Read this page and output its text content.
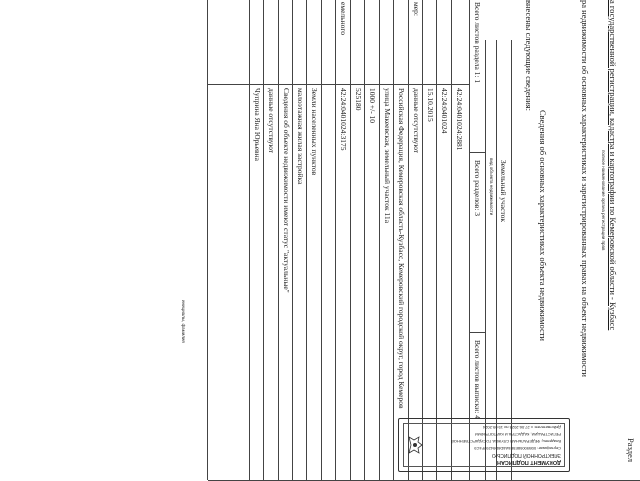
Раздел
а государственной регистрации, кадастра и картографии по Кемеровской области - Кузбасс
полное наименование органа регистрации прав
ра недвижимости об основных характеристиках и зарегистрированных правах на объект недвижимости
Сведения об основных характеристиках объекта недвижимости
внесены следующие сведения:
Земельный участок
вид объекта недвижимости
Всего листов раздела 1: 1
Всего разделов: 3
Всего листов выписки: 4
42:24:0401024:2881
42:24:0401024
15.10.2015
мер:
данные отсутствуют
Российская Федерация, Кемеровская область-Кузбасс, Кемеровский городской округ, город Кемеров
улица Макеевская, земельный участок 11а
1000 +/- 10
525180
емельного
42:24:0401024:3175
Земли населенных пунктов
малоэтажная жилая застройка
Сведения об объекте недвижимости имеют статус "актуальные"
данные отсутствуют
Чуприна Яна Юрьевна
инициалы, фамилия
ДОКУМЕНТ ПОДПИСАН
ЭЛЕКТРОННОЙ ПОДПИСЬЮ
Сертификат: 00B90058E5E6A6D8D94292F4C9
Владелец: ФЕДЕРАЛЬНАЯ СЛУЖБА ГОСУДАРСТВЕННОЙ
РЕГИСТРАЦИИ, КАДАСТРА И КАРТОГРАФИИ
Действителен: с 27.06.2023 по 19.09.2024
